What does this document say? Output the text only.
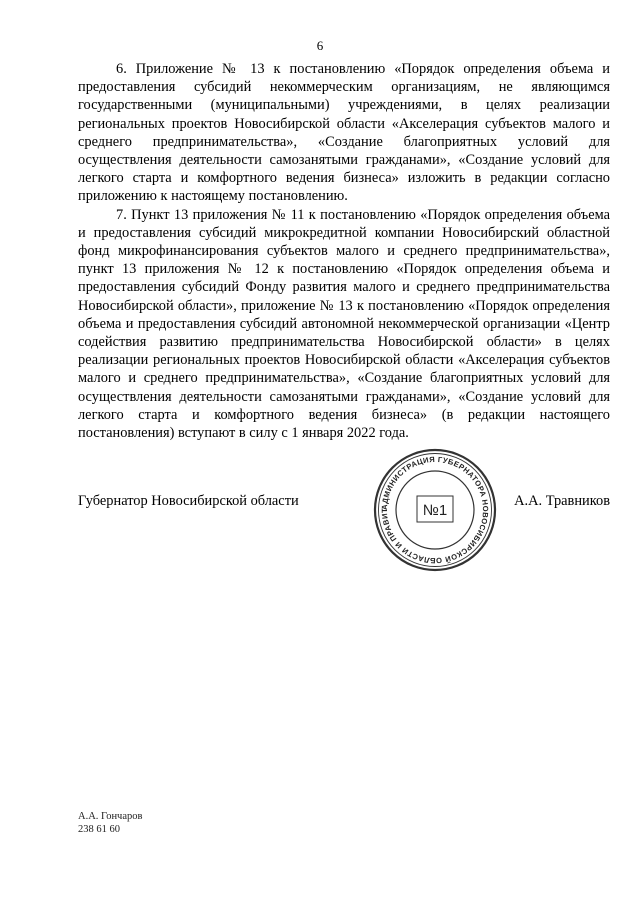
6

6. Приложение № 13 к постановлению «Порядок определения объема и предоставления субсидий некоммерческим организациям, не являющимся государственными (муниципальными) учреждениями, в целях реализации региональных проектов Новосибирской области «Акселерация субъектов малого и среднего предпринимательства», «Создание благоприятных условий для осуществления деятельности самозанятыми гражданами», «Создание условий для легкого старта и комфортного ведения бизнеса» изложить в редакции согласно приложению к настоящему постановлению.

7. Пункт 13 приложения № 11 к постановлению «Порядок определения объема и предоставления субсидий микрокредитной компании Новосибирский областной фонд микрофинансирования субъектов малого и среднего предпринимательства», пункт 13 приложения № 12 к постановлению «Порядок определения объема и предоставления субсидий Фонду развития малого и среднего предпринимательства Новосибирской области», приложение № 13 к постановлению «Порядок определения объема и предоставления субсидий автономной некоммерческой организации «Центр содействия развитию предпринимательства Новосибирской области» в целях реализации региональных проектов Новосибирской области «Акселерация субъектов малого и среднего предпринимательства», «Создание благоприятных условий для осуществления деятельности самозанятыми гражданами», «Создание условий для легкого старта и комфортного ведения бизнеса» (в редакции настоящего постановления) вступают в силу с 1 января 2022 года.

Губернатор Новосибирской области	А.А. Травников
АДМИНИСТРАЦИЯ ГУБЕРНАТОРА НОВОСИБИРСКОЙ ОБЛАСТИ И ПРАВИТ	№1
А.А. Гончаров
238 61 60
